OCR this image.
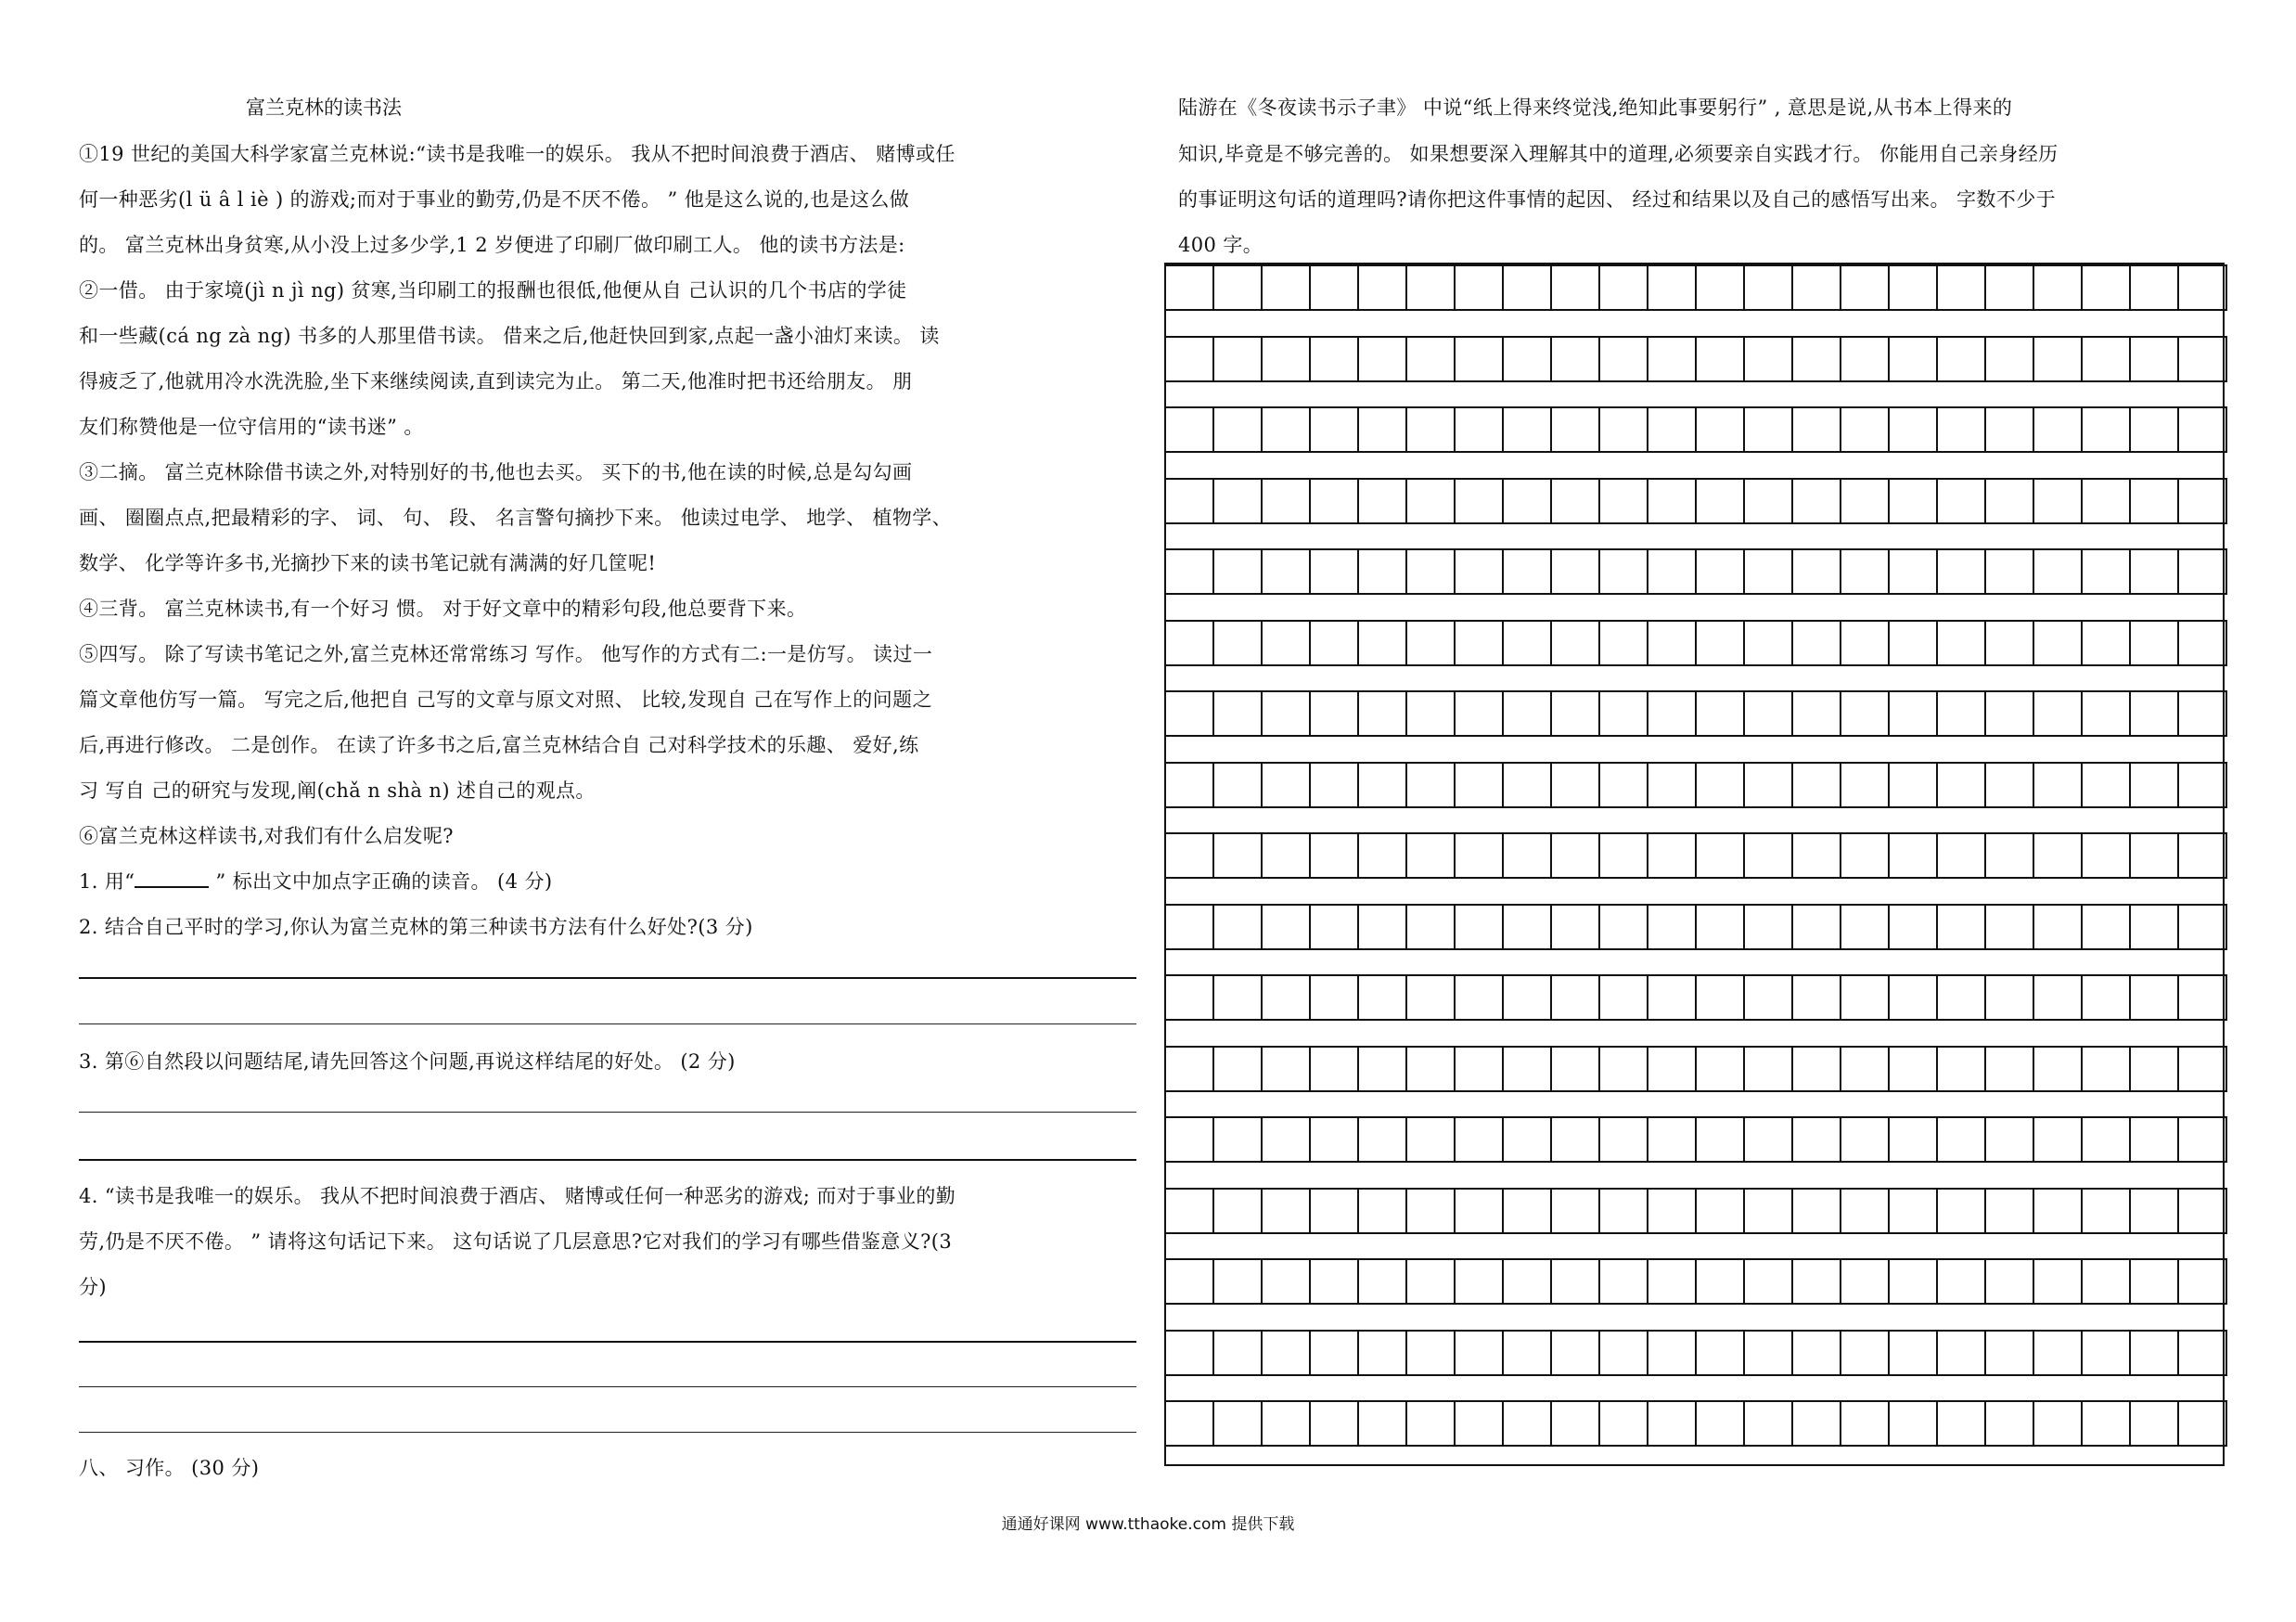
富兰克林的读书法
①19 世纪的美国大科学家富兰克林说:“读书是我唯一的娱乐。 我从不把时间浪费于酒店、 赌博或任
何一种恶劣(l ü â l iè ) 的游戏;而对于事业的勤劳,仍是不厌不倦。 ” 他是这么说的,也是这么做
的。 富兰克林出身贫寒,从小没上过多少学,1 2 岁便进了印刷厂做印刷工人。 他的读书方法是:
②一借。 由于家境(jì n jì ng) 贫寒,当印刷工的报酬也很低,他便从自 己认识的几个书店的学徒
和一些藏(cá ng zà ng) 书多的人那里借书读。 借来之后,他赶快回到家,点起一盏小油灯来读。 读
得疲乏了,他就用冷水洗洗脸,坐下来继续阅读,直到读完为止。 第二天,他准时把书还给朋友。 朋
友们称赞他是一位守信用的“读书迷” 。
③二摘。 富兰克林除借书读之外,对特别好的书,他也去买。 买下的书,他在读的时候,总是勾勾画
画、 圈圈点点,把最精彩的字、 词、 句、 段、 名言警句摘抄下来。 他读过电学、 地学、 植物学、
数学、 化学等许多书,光摘抄下来的读书笔记就有满满的好几筐呢!
④三背。 富兰克林读书,有一个好习 惯。 对于好文章中的精彩句段,他总要背下来。
⑤四写。 除了写读书笔记之外,富兰克林还常常练习 写作。 他写作的方式有二:一是仿写。 读过一
篇文章他仿写一篇。 写完之后,他把自 己写的文章与原文对照、 比较,发现自 己在写作上的问题之
后,再进行修改。 二是创作。 在读了许多书之后,富兰克林结合自 己对科学技术的乐趣、 爱好,练
习 写自 己的研究与发现,阐(chǎ n shà n) 述自己的观点。
⑥富兰克林这样读书,对我们有什么启发呢?
1. 用“	” 标出文中加点字正确的读音。 (4 分)
2. 结合自己平时的学习,你认为富兰克林的第三种读书方法有什么好处?(3 分)
3. 第⑥自然段以问题结尾,请先回答这个问题,再说这样结尾的好处。 (2 分)
4. “读书是我唯一的娱乐。 我从不把时间浪费于酒店、 赌博或任何一种恶劣的游戏; 而对于事业的勤
劳,仍是不厌不倦。 ” 请将这句话记下来。 这句话说了几层意思?它对我们的学习有哪些借鉴意义?(3
分)
八、 习作。 (30 分)
陆游在《冬夜读书示子聿》 中说“纸上得来终觉浅,绝知此事要躬行” , 意思是说,从书本上得来的
知识,毕竟是不够完善的。 如果想要深入理解其中的道理,必须要亲自实践才行。 你能用自己亲身经历
的事证明这句话的道理吗?请你把这件事情的起因、 经过和结果以及自己的感悟写出来。 字数不少于
400 字。
通通好课网 www.tthaoke.com 提供下载
